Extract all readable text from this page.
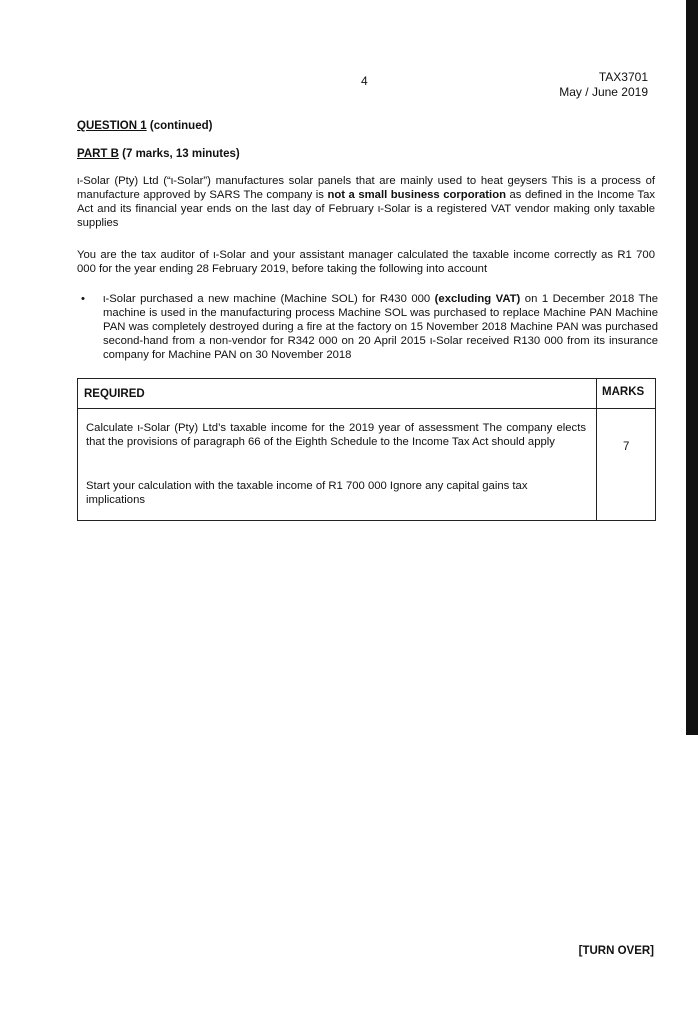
4	TAX3701
May / June 2019
QUESTION 1 (continued)
PART B (7 marks, 13 minutes)
ι-Solar (Pty) Ltd (“ι-Solar”) manufactures solar panels that are mainly used to heat geysers This is a process of manufacture approved by SARS The company is not a small business corporation as defined in the Income Tax Act and its financial year ends on the last day of February ι-Solar is a registered VAT vendor making only taxable supplies
You are the tax auditor of ι-Solar and your assistant manager calculated the taxable income correctly as R1 700 000 for the year ending 28 February 2019, before taking the following into account
• ι-Solar purchased a new machine (Machine SOL) for R430 000 (excluding VAT) on 1 December 2018 The machine is used in the manufacturing process Machine SOL was purchased to replace Machine PAN Machine PAN was completely destroyed during a fire at the factory on 15 November 2018 Machine PAN was purchased second-hand from a non-vendor for R342 000 on 20 April 2015 ι-Solar received R130 000 from its insurance company for Machine PAN on 30 November 2018
REQUIRED	MARKS
Calculate ι-Solar (Pty) Ltd’s taxable income for the 2019 year of assessment The company elects that the provisions of paragraph 66 of the Eighth Schedule to the Income Tax Act should apply
Start your calculation with the taxable income of R1 700 000 Ignore any capital gains tax implications
7
[TURN OVER]
